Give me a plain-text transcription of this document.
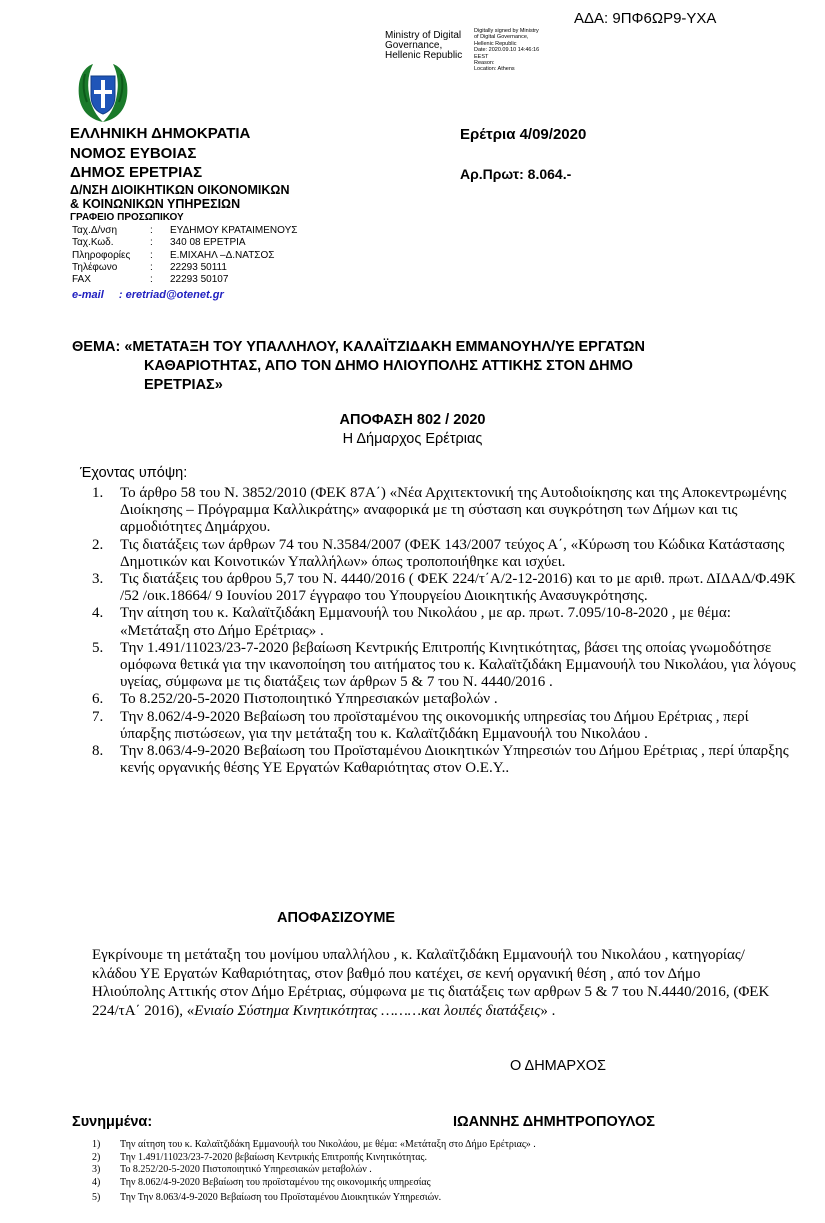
ΑΔΑ: 9ΠΦ6ΩΡ9-ΥΧΑ
Ministry of Digital
Governance,
Hellenic Republic
Digitally signed by Ministry
of Digital Governance,
Hellenic Republic
Date: 2020.09.10 14:46:16
EEST
Reason:
Location: Athens
ΕΛΛΗΝΙΚΗ ΔΗΜΟΚΡΑΤΙΑ
ΝΟΜΟΣ ΕΥΒΟΙΑΣ
ΔΗΜΟΣ ΕΡΕΤΡΙΑΣ
Δ/ΝΣΗ ΔΙΟΙΚΗΤΙΚΩΝ ΟΙΚΟΝΟΜΙΚΩΝ
& ΚΟΙΝΩΝΙΚΩΝ ΥΠΗΡΕΣΙΩΝ
ΓΡΑΦΕΙΟ ΠΡΟΣΩΠΙΚΟΥ
Ερέτρια 4/09/2020
Αρ.Πρωτ: 8.064.-
Ταχ.Δ/νση	:	ΕΥΔΗΜΟΥ ΚΡΑΤΑΙΜΕΝΟΥΣ
Ταχ.Κωδ.	:	340 08 ΕΡΕΤΡΙΑ
Πληροφορίες	:	Ε.ΜΙΧΑΗΛ –Δ.ΝΑΤΣΟΣ
Τηλέφωνο	:	22293 50111
FAX	:	22293 50107
e-mail : eretriad@otenet.gr
ΘΕΜΑ: «ΜΕΤΑΤΑΞΗ ΤΟΥ ΥΠΑΛΛΗΛΟΥ, ΚΑΛΑΪΤΖΙΔΑΚΗ ΕΜΜΑΝΟΥΗΛ/ΥΕ ΕΡΓΑΤΩΝ
ΚΑΘΑΡΙΟΤΗΤΑΣ, ΑΠΟ ΤΟΝ ΔΗΜΟ ΗΛΙΟΥΠΟΛΗΣ ΑΤΤΙΚΗΣ ΣΤΟΝ ΔΗΜΟ
ΕΡΕΤΡΙΑΣ»
ΑΠΟΦΑΣΗ 802 / 2020
Η Δήμαρχος Ερέτριας
Έχοντας υπόψη:
1.	Το άρθρο 58 του Ν. 3852/2010 (ΦΕΚ 87Α΄) «Νέα Αρχιτεκτονική της Αυτοδιοίκησης και της Αποκεντρωμένης Διοίκησης – Πρόγραμμα Καλλικράτης» αναφορικά με τη σύσταση και συγκρότηση των Δήμων και τις αρμοδιότητες Δημάρχου.
2.	Τις διατάξεις των άρθρων 74 του Ν.3584/2007 (ΦΕΚ 143/2007 τεύχος Α΄, «Κύρωση του Κώδικα Κατάστασης Δημοτικών και Κοινοτικών Υπαλλήλων» όπως τροποποιήθηκε και ισχύει.
3.	Τις διατάξεις του άρθρου 5,7 του Ν. 4440/2016 ( ΦΕΚ 224/τ΄Α/2-12-2016) και το με αριθ. πρωτ. ΔΙΔΑΔ/Φ.49Κ /52 /οικ.18664/ 9 Ιουνίου 2017 έγγραφο του Υπουργείου Διοικητικής Ανασυγκρότησης.
4.	Την αίτηση του κ. Καλαϊτζιδάκη Εμμανουήλ του Νικολάου , με αρ. πρωτ. 7.095/10-8-2020 , με θέμα: «Μετάταξη στο Δήμο Ερέτριας» .
5.	Την 1.491/11023/23-7-2020 βεβαίωση Κεντρικής Επιτροπής Κινητικότητας, βάσει της οποίας γνωμοδότησε ομόφωνα θετικά για την ικανοποίηση του αιτήματος του κ. Καλαϊτζιδάκη Εμμανουήλ του Νικολάου, για λόγους υγείας, σύμφωνα με τις διατάξεις των άρθρων 5 & 7 του Ν. 4440/2016 .
6.	Το 8.252/20-5-2020 Πιστοποιητικό Υπηρεσιακών μεταβολών .
7.	Την 8.062/4-9-2020 Βεβαίωση του προϊσταμένου της οικονομικής υπηρεσίας του Δήμου Ερέτριας , περί ύπαρξης πιστώσεων, για την μετάταξη του κ. Καλαϊτζιδάκη Εμμανουήλ του Νικολάου .
8.	Την 8.063/4-9-2020 Βεβαίωση του Προϊσταμένου Διοικητικών Υπηρεσιών του Δήμου Ερέτριας , περί ύπαρξης κενής οργανικής θέσης ΥΕ Εργατών Καθαριότητας στον Ο.Ε.Υ..
ΑΠΟΦΑΣΙΖΟΥΜΕ
Εγκρίνουμε τη μετάταξη του μονίμου υπαλλήλου , κ. Καλαϊτζιδάκη Εμμανουήλ του Νικολάου , κατηγορίας/κλάδου ΥΕ Εργατών Καθαριότητας, στον βαθμό που κατέχει, σε κενή οργανική θέση , από τον Δήμο Ηλιούπολης Αττικής στον Δήμο Ερέτριας, σύμφωνα με τις διατάξεις των αρθρων 5 & 7 του Ν.4440/2016, (ΦΕΚ 224/τΑ΄ 2016), «Ενιαίο Σύστημα Κινητικότητας ………και λοιπές διατάξεις» .
Ο ΔΗΜΑΡΧΟΣ
Συνημμένα:	ΙΩΑΝΝΗΣ ΔΗΜΗΤΡΟΠΟΥΛΟΣ
1)	Την αίτηση του κ. Καλαϊτζιδάκη Εμμανουήλ του Νικολάου, με θέμα: «Μετάταξη στο Δήμο Ερέτριας» .
2)	Την 1.491/11023/23-7-2020 βεβαίωση Κεντρικής Επιτροπής Κινητικότητας.
3)	Το 8.252/20-5-2020 Πιστοποιητικό Υπηρεσιακών μεταβολών .
4)	Την 8.062/4-9-2020 Βεβαίωση του προϊσταμένου της οικονομικής υπηρεσίας
5)	Την Την 8.063/4-9-2020 Βεβαίωση του Προϊσταμένου Διοικητικών Υπηρεσιών.
